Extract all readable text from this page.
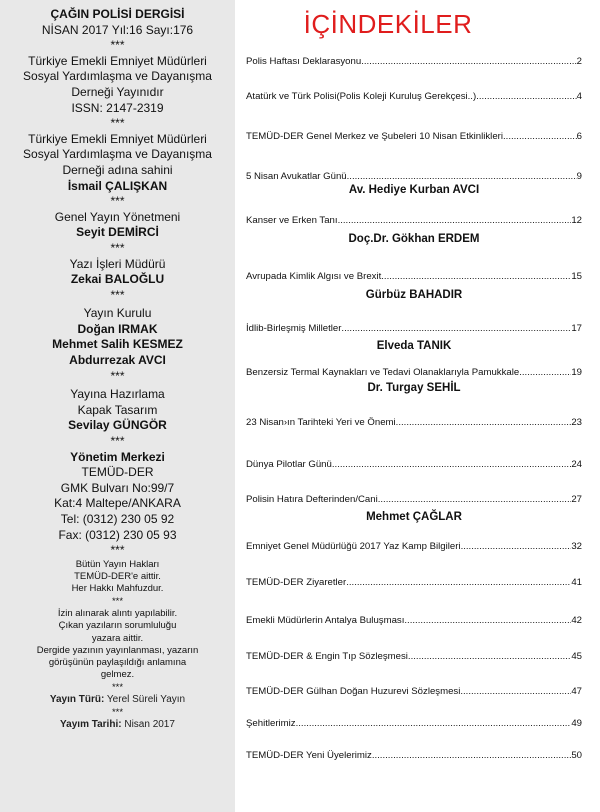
ÇAĞIN POLİSİ DERGİSİ
NİSAN 2017 Yıl:16 Sayı:176
***
Türkiye Emekli Emniyet Müdürleri
Sosyal Yardımlaşma ve Dayanışma
Derneği Yayınıdır
ISSN: 2147-2319
***
Türkiye Emekli Emniyet Müdürleri
Sosyal Yardımlaşma ve Dayanışma
Derneği adına sahini
İsmail ÇALIŞKAN
***
Genel Yayın Yönetmeni
Seyit DEMİRCİ
***
Yazı İşleri Müdürü
Zekai BALOĞLU
***
Yayın Kurulu
Doğan IRMAK
Mehmet Salih KESMEZ
Abdurrezak AVCI
***
Yayına Hazırlama
Kapak Tasarım
Sevilay GÜNGÖR
***
Yönetim Merkezi
TEMÜD-DER
GMK Bulvarı No:99/7
Kat:4 Maltepe/ANKARA
Tel: (0312) 230 05 92
Fax: (0312) 230 05 93
***
Bütün Yayın Hakları
TEMÜD-DER'e aittir.
Her Hakkı Mahfuzdur.
***
İzin alınarak alıntı yapılabilir.
Çıkan yazıların sorumluluğu
yazara aittir.
Dergide yazının yayınlanması, yazarın
görüşünün paylaşıldığı anlamına
gelmez.
***
Yayın Türü: Yerel Süreli Yayın
***
Yayım Tarihi: Nisan 2017
İÇİNDEKİLER
Polis Haftası Deklarasyonu .....	2
Atatürk ve Türk Polisi(Polis Koleji Kuruluş Gerekçesi..) .....	4
TEMÜD-DER Genel Merkez ve Şubeleri 10 Nisan Etkinlikleri .....	6
5 Nisan Avukatlar Günü .....	9
Av. Hediye Kurban AVCI
Kanser ve Erken Tanı .....	12
Doç.Dr. Gökhan ERDEM
Avrupada Kimlik Algısı ve Brexit .....	15
Gürbüz BAHADIR
İdlib-Birleşmiş Milletler .....	17
Elveda TANIK
Benzersiz Termal Kaynakları ve Tedavi Olanaklarıyla Pamukkale .....	19
Dr. Turgay SEHİL
23 Nisan›ın Tarihteki Yeri ve Önemi .....	23
Dünya Pilotlar Günü .....	24
Polisin Hatıra Defterinden/Cani .....	27
Mehmet ÇAĞLAR
Emniyet Genel Müdürlüğü 2017 Yaz Kamp Bilgileri .....	32
TEMÜD-DER Ziyaretler .....	41
Emekli Müdürlerin Antalya Buluşması .....	42
TEMÜD-DER & Engin Tıp Sözleşmesi .....	45
TEMÜD-DER Gülhan Doğan Huzurevi Sözleşmesi .....	47
Şehitlerimiz .....	49
TEMÜD-DER Yeni Üyelerimiz .....	50
